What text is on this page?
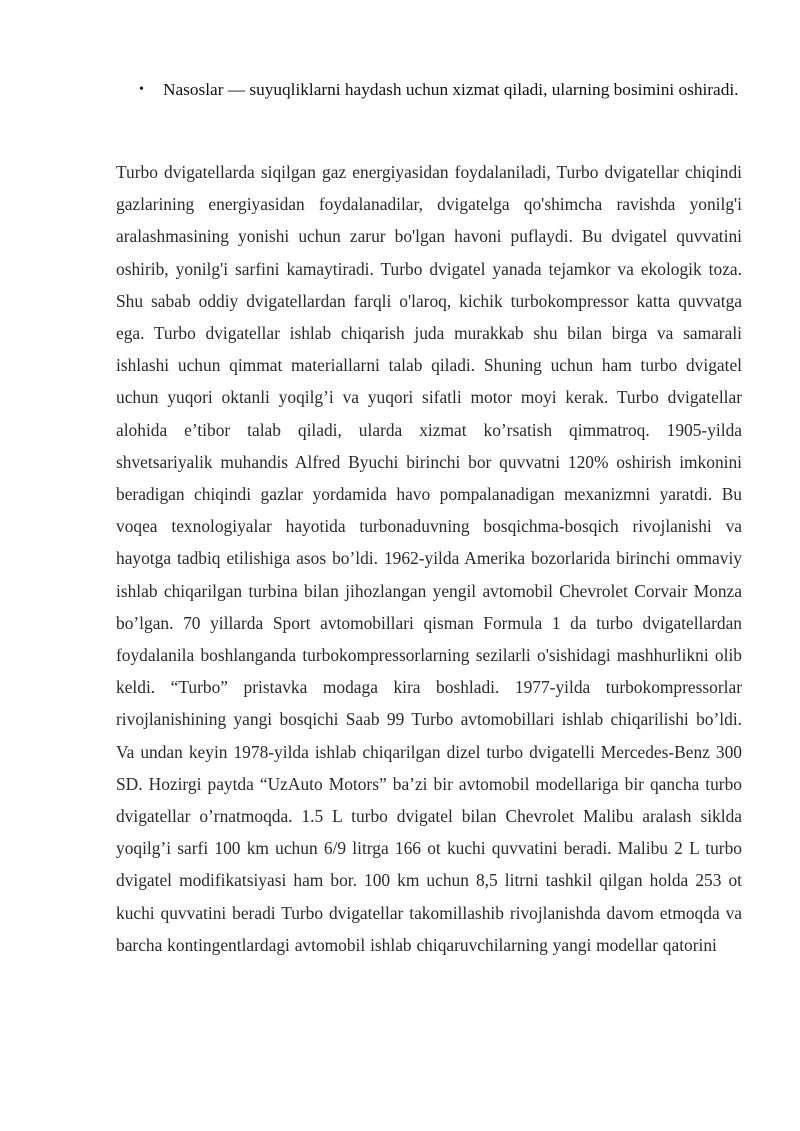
• Nasoslar — suyuqliklarni haydash uchun xizmat qiladi, ularning bosimini oshiradi.

Turbo dvigatellarda siqilgan gaz energiyasidan foydalaniladi, Turbo dvigatellar chiqindi gazlarining energiyasidan foydalanadilar, dvigatelga qo'shimcha ravishda yonilg'i aralashmasining yonishi uchun zarur bo'lgan havoni puflaydi. Bu dvigatel quvvatini oshirib, yonilg'i sarfini kamaytiradi. Turbo dvigatel yanada tejamkor va ekologik toza. Shu sabab oddiy dvigatellardan farqli o'laroq, kichik turbokompressor katta quvvatga ega. Turbo dvigatellar ishlab chiqarish juda murakkab shu bilan birga va samarali ishlashi uchun qimmat materiallarni talab qiladi. Shuning uchun ham turbo dvigatel uchun yuqori oktanli yoqilg’i va yuqori sifatli motor moyi kerak. Turbo dvigatellar alohida e’tibor talab qiladi, ularda xizmat ko’rsatish qimmatroq. 1905-yilda shvetsariyalik muhandis Alfred Byuchi birinchi bor quvvatni 120% oshirish imkonini beradigan chiqindi gazlar yordamida havo pompalanadigan mexanizmni yaratdi. Bu voqea texnologiyalar hayotida turbonaduvning bosqichma-bosqich rivojlanishi va hayotga tadbiq etilishiga asos bo’ldi. 1962-yilda Amerika bozorlarida birinchi ommaviy ishlab chiqarilgan turbina bilan jihozlangan yengil avtomobil Chevrolet Corvair Monza bo’lgan. 70 yillarda Sport avtomobillari qisman Formula 1 da turbo dvigatellardan foydalanila boshlanganda turbokompressorlarning sezilarli o'sishidagi mashhurlikni olib keldi. “Turbo” pristavka modaga kira boshladi. 1977-yilda turbokompressorlar rivojlanishining yangi bosqichi Saab 99 Turbo avtomobillari ishlab chiqarilishi bo’ldi. Va undan keyin 1978-yilda ishlab chiqarilgan dizel turbo dvigatelli Mercedes-Benz 300 SD. Hozirgi paytda “UzAuto Motors” ba’zi bir avtomobil modellariga bir qancha turbo dvigatellar o’rnatmoqda. 1.5 L turbo dvigatel bilan Chevrolet Malibu aralash siklda yoqilg’i sarfi 100 km uchun 6/9 litrga 166 ot kuchi quvvatini beradi. Malibu 2 L turbo dvigatel modifikatsiyasi ham bor. 100 km uchun 8,5 litrni tashkil qilgan holda 253 ot kuchi quvvatini beradi Turbo dvigatellar takomillashib rivojlanishda davom etmoqda va barcha kontingentlardagi avtomobil ishlab chiqaruvchilarning yangi modellar qatorini
